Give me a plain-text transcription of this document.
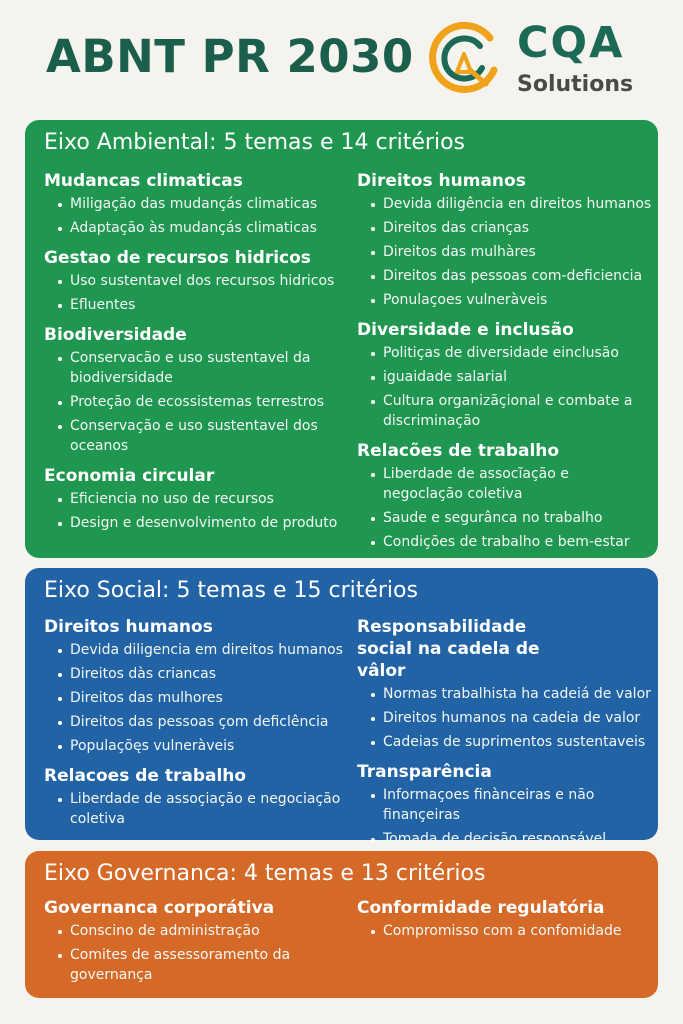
ABNT PR 2030 CQA
Solutions
Eixo Ambiental: 5 temas e 14 critérios
Mudancas climaticas
Miligação das mudançás climaticas
Adaptação às mudançás climaticas
Gestao de recursos hidricos
Uso sustentavel dos recursos hidricos
Efluentes
Biodiversidade
Conservacão e uso sustentavel da biodiversidade
Proteção de ecossistemas terrestros
Conservação e uso sustentavel dos oceanos
Economia circular
Eficiencia no uso de recursos
Design e desenvolvimento de produto
Direitos humanos
Devida diligência en direitos humanos
Direitos das crianças
Direitos das mulhàres
Direitos das pessoas com-deficiencia
Ponulaçoes vulneràveis
Diversidade e inclusão
Politiças de diversidade einclusão
iguaidade salarial
Cultura organizãçional e combate a discriminação
Relacões de trabalho
Liberdade de assocĩação e negoclação coletiva
Saude e segurânca no trabalho
Condições de trabalho e bem-estar
Eixo Social: 5 temas e 15 critérios
Direitos humanos
Devida diligencia em direitos humanos
Direitos dàs criancas
Direitos das mulhores
Direitos das pessoas çom deficlência
Populaçõęs vulneràveis
Relacoes de trabalho
Liberdade de assoçiação e negociação coletiva
Responsabilidade social na cadela de vâlor
Normas trabalhista ha cadeiá de valor
Direitos humanos na cadeia de valor
Cadeias de suprimentos sustentaveis
Transparência
Informaçoes finànceiras e não finançeiras
Tomada de decisão responsável
Eixo Governanca: 4 temas e 13 critérios
Governanca corporátiva
Conscino de administração
Comites de assessoramento da governança
Conformidade regulatória
Compromisso com a confomidade
